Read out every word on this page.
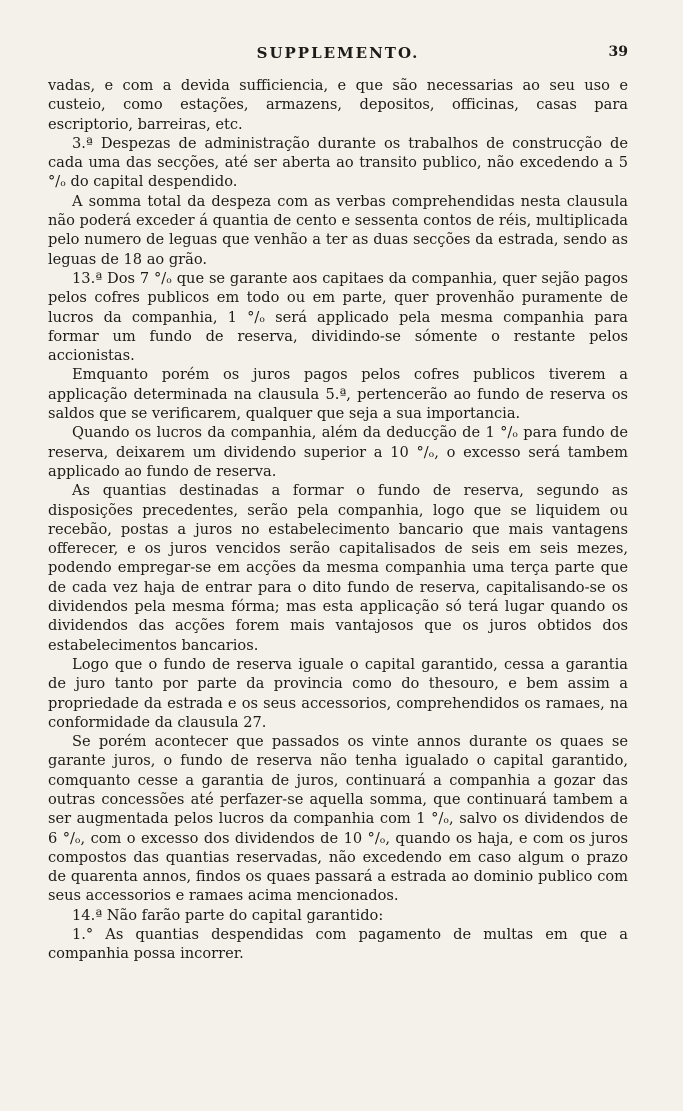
SUPPLEMENTO.	39

vadas, e com a devida sufficiencia, e que são necessarias ao seu uso e custeio, como estações, armazens, depositos, officinas, casas para escriptorio, barreiras, etc.

3.ª Despezas de administração durante os trabalhos de construcção de cada uma das secções, até ser aberta ao transito publico, não excedendo a 5 °/ₒ do capital despendido.

A somma total da despeza com as verbas comprehendidas nesta clausula não poderá exceder á quantia de cento e sessenta contos de réis, multiplicada pelo numero de leguas que venhão a ter as duas secções da estrada, sendo as leguas de 18 ao grão.

13.ª Dos 7 °/ₒ que se garante aos capitaes da companhia, quer sejão pagos pelos cofres publicos em todo ou em parte, quer provenhão puramente de lucros da companhia, 1 °/ₒ será applicado pela mesma companhia para formar um fundo de reserva, dividindo-se sómente o restante pelos accionistas.

Emquanto porém os juros pagos pelos cofres publicos tiverem a applicação determinada na clausula 5.ª, pertencerão ao fundo de reserva os saldos que se verificarem, qualquer que seja a sua importancia.

Quando os lucros da companhia, além da deducção de 1 °/ₒ para fundo de reserva, deixarem um dividendo superior a 10 °/ₒ, o excesso será tambem applicado ao fundo de reserva.

As quantias destinadas a formar o fundo de reserva, segundo as disposições precedentes, serão pela companhia, logo que se liquidem ou recebão, postas a juros no estabelecimento bancario que mais vantagens offerecer, e os juros vencidos serão capitalisados de seis em seis mezes, podendo empregar-se em acções da mesma companhia uma terça parte que de cada vez haja de entrar para o dito fundo de reserva, capitalisando-se os dividendos pela mesma fórma; mas esta applicação só terá lugar quando os dividendos das acções forem mais vantajosos que os juros obtidos dos estabelecimentos bancarios.

Logo que o fundo de reserva iguale o capital garantido, cessa a garantia de juro tanto por parte da provincia como do thesouro, e bem assim a propriedade da estrada e os seus accessorios, comprehendidos os ramaes, na conformidade da clausula 27.

Se porém acontecer que passados os vinte annos durante os quaes se garante juros, o fundo de reserva não tenha igualado o capital garantido, comquanto cesse a garantia de juros, continuará a companhia a gozar das outras concessões até perfazer-se aquella somma, que continuará tambem a ser augmentada pelos lucros da companhia com 1 °/ₒ, salvo os dividendos de 6 °/ₒ, com o excesso dos dividendos de 10 °/ₒ, quando os haja, e com os juros compostos das quantias reservadas, não excedendo em caso algum o prazo de quarenta annos, findos os quaes passará a estrada ao dominio publico com seus accessorios e ramaes acima mencionados.

14.ª Não farão parte do capital garantido:

1.° As quantias despendidas com pagamento de multas em que a companhia possa incorrer.
